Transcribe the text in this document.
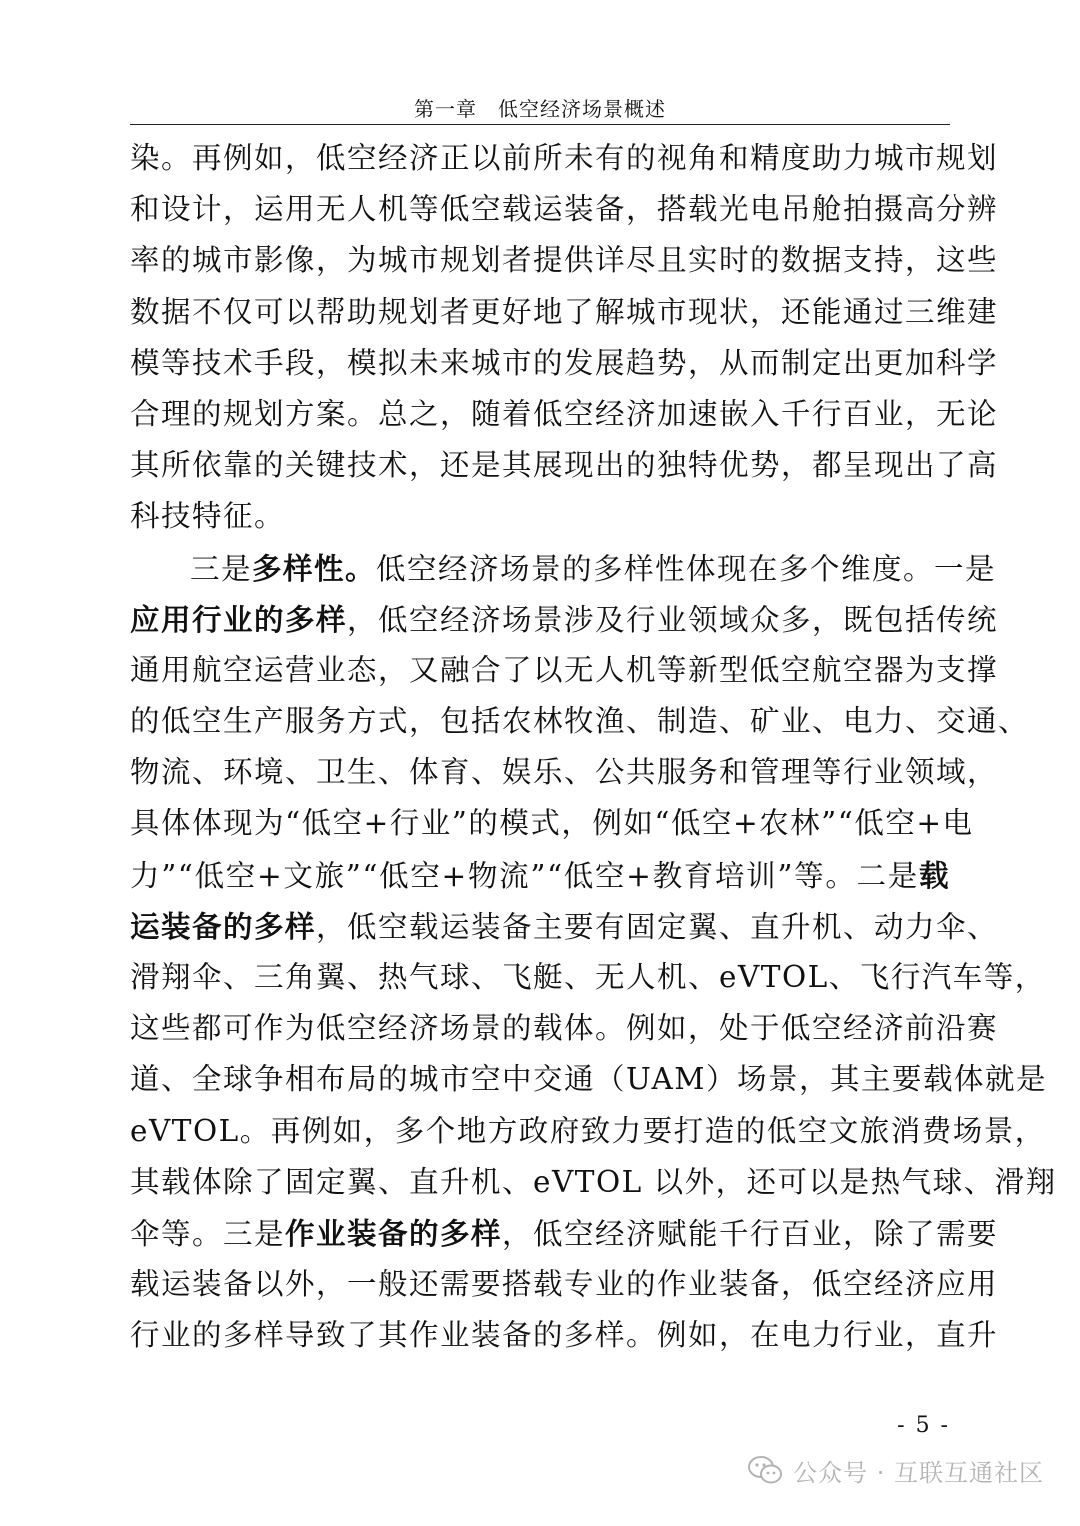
第一章　低空经济场景概述
染。再例如，低空经济正以前所未有的视角和精度助力城市规划
和设计，运用无人机等低空载运装备，搭载光电吊舱拍摄高分辨
率的城市影像，为城市规划者提供详尽且实时的数据支持，这些
数据不仅可以帮助规划者更好地了解城市现状，还能通过三维建
模等技术手段，模拟未来城市的发展趋势，从而制定出更加科学
合理的规划方案。总之，随着低空经济加速嵌入千行百业，无论
其所依靠的关键技术，还是其展现出的独特优势，都呈现出了高
科技特征。
三是多样性。低空经济场景的多样性体现在多个维度。一是
应用行业的多样，低空经济场景涉及行业领域众多，既包括传统
通用航空运营业态，又融合了以无人机等新型低空航空器为支撑
的低空生产服务方式，包括农林牧渔、制造、矿业、电力、交通、
物流、环境、卫生、体育、娱乐、公共服务和管理等行业领域，
具体体现为“低空+行业”的模式，例如“低空+农林”“低空+电
力”“低空+文旅”“低空+物流”“低空+教育培训”等。二是载
运装备的多样，低空载运装备主要有固定翼、直升机、动力伞、
滑翔伞、三角翼、热气球、飞艇、无人机、eVTOL、飞行汽车等，
这些都可作为低空经济场景的载体。例如，处于低空经济前沿赛
道、全球争相布局的城市空中交通（UAM）场景，其主要载体就是
eVTOL。再例如，多个地方政府致力要打造的低空文旅消费场景，
其载体除了固定翼、直升机、eVTOL 以外，还可以是热气球、滑翔
伞等。三是作业装备的多样，低空经济赋能千行百业，除了需要
载运装备以外，一般还需要搭载专业的作业装备，低空经济应用
行业的多样导致了其作业装备的多样。例如，在电力行业，直升
- 5 -
公众号 · 互联互通社区
